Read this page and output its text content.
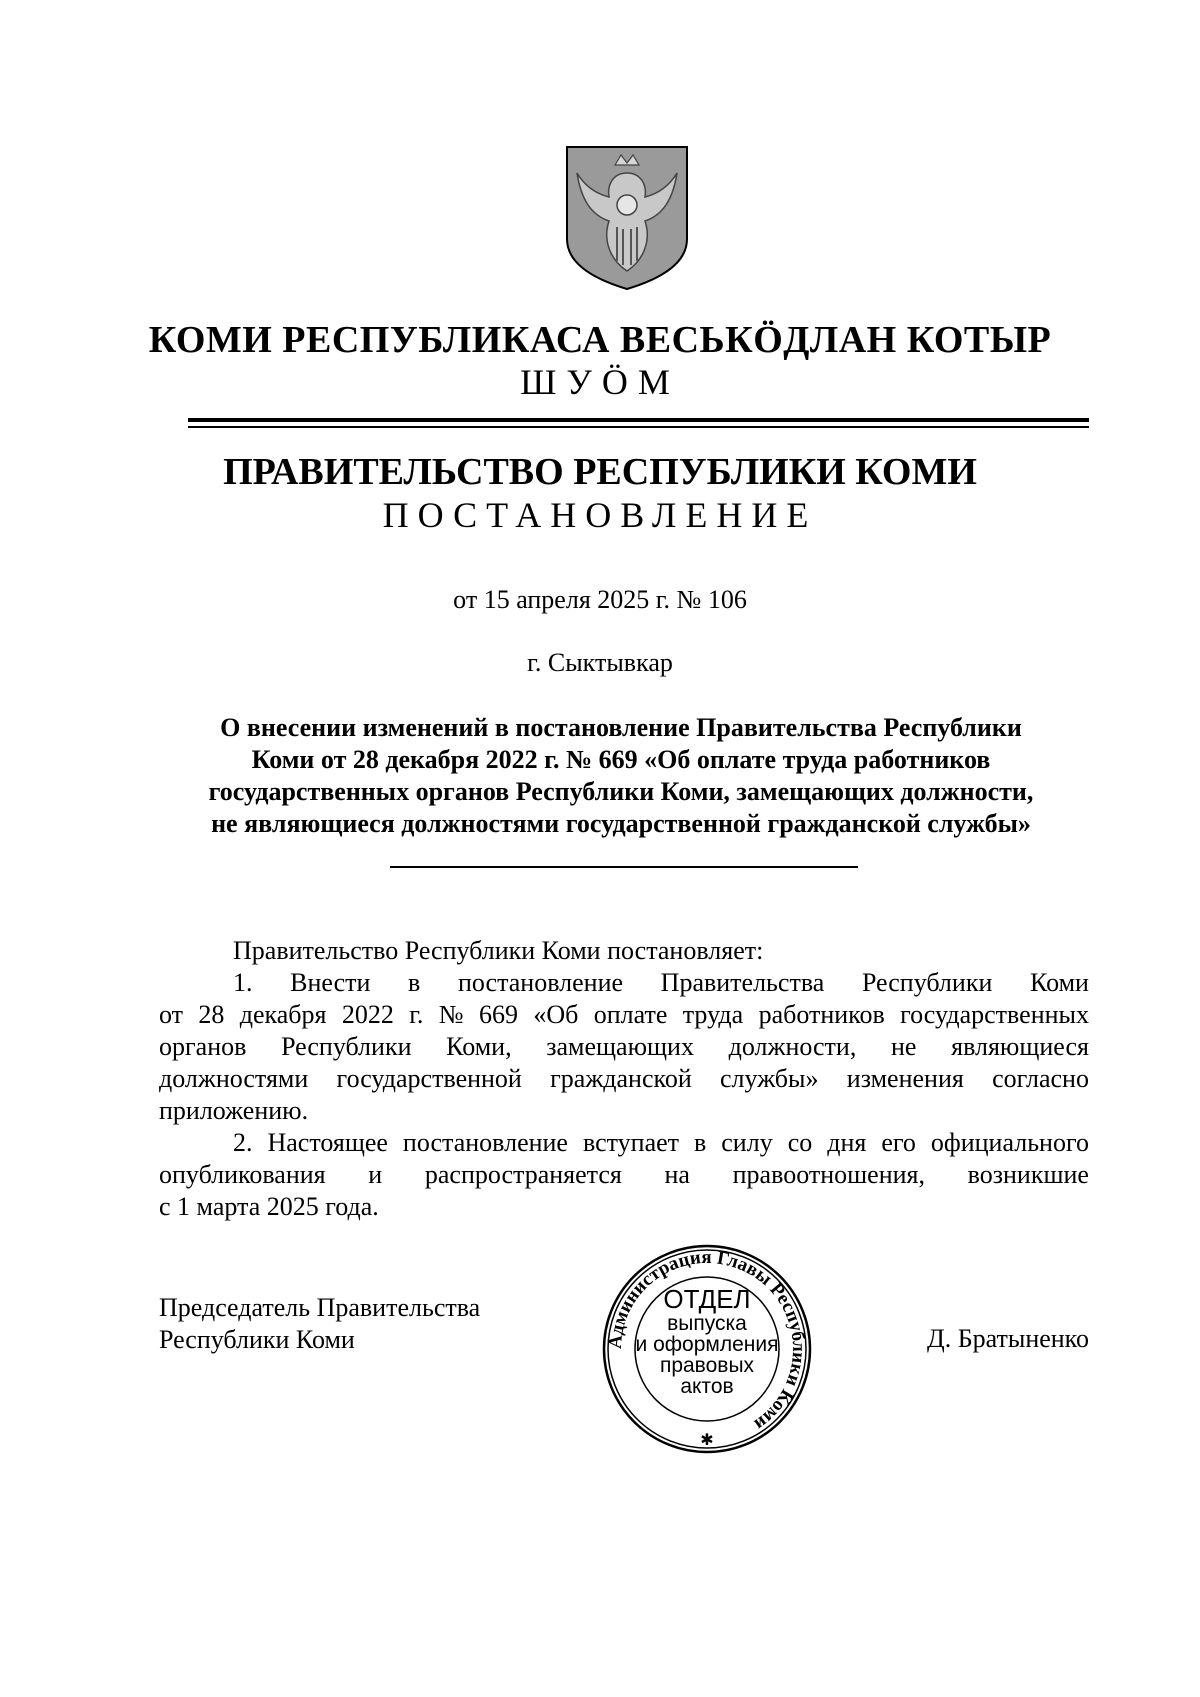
КОМИ РЕСПУБЛИКАСА ВЕСЬКӦДЛАН КОТЫР
ШУӦМ
ПРАВИТЕЛЬСТВО РЕСПУБЛИКИ КОМИ
ПОСТАНОВЛЕНИЕ
от 15 апреля 2025 г. № 106
г. Сыктывкар
О внесении изменений в постановление Правительства Республики
Коми от 28 декабря 2022 г. № 669 «Об оплате труда работников
государственных органов Республики Коми, замещающих должности,
не являющиеся должностями государственной гражданской службы»
Правительство Республики Коми постановляет:
1. Внести в постановление Правительства Республики Коми
от 28 декабря 2022 г. № 669 «Об оплате труда работников государственных
органов Республики Коми, замещающих должности, не являющиеся
должностями государственной гражданской службы» изменения согласно
приложению.
2. Настоящее постановление вступает в силу со дня его официального
опубликования и распространяется на правоотношения, возникшие
с 1 марта 2025 года.
Председатель Правительства
Республики Коми	Д. Братыненко
Администрация Главы Республики Коми
✱
ОТДЕЛ
выпуска
и оформления
правовых
актов
